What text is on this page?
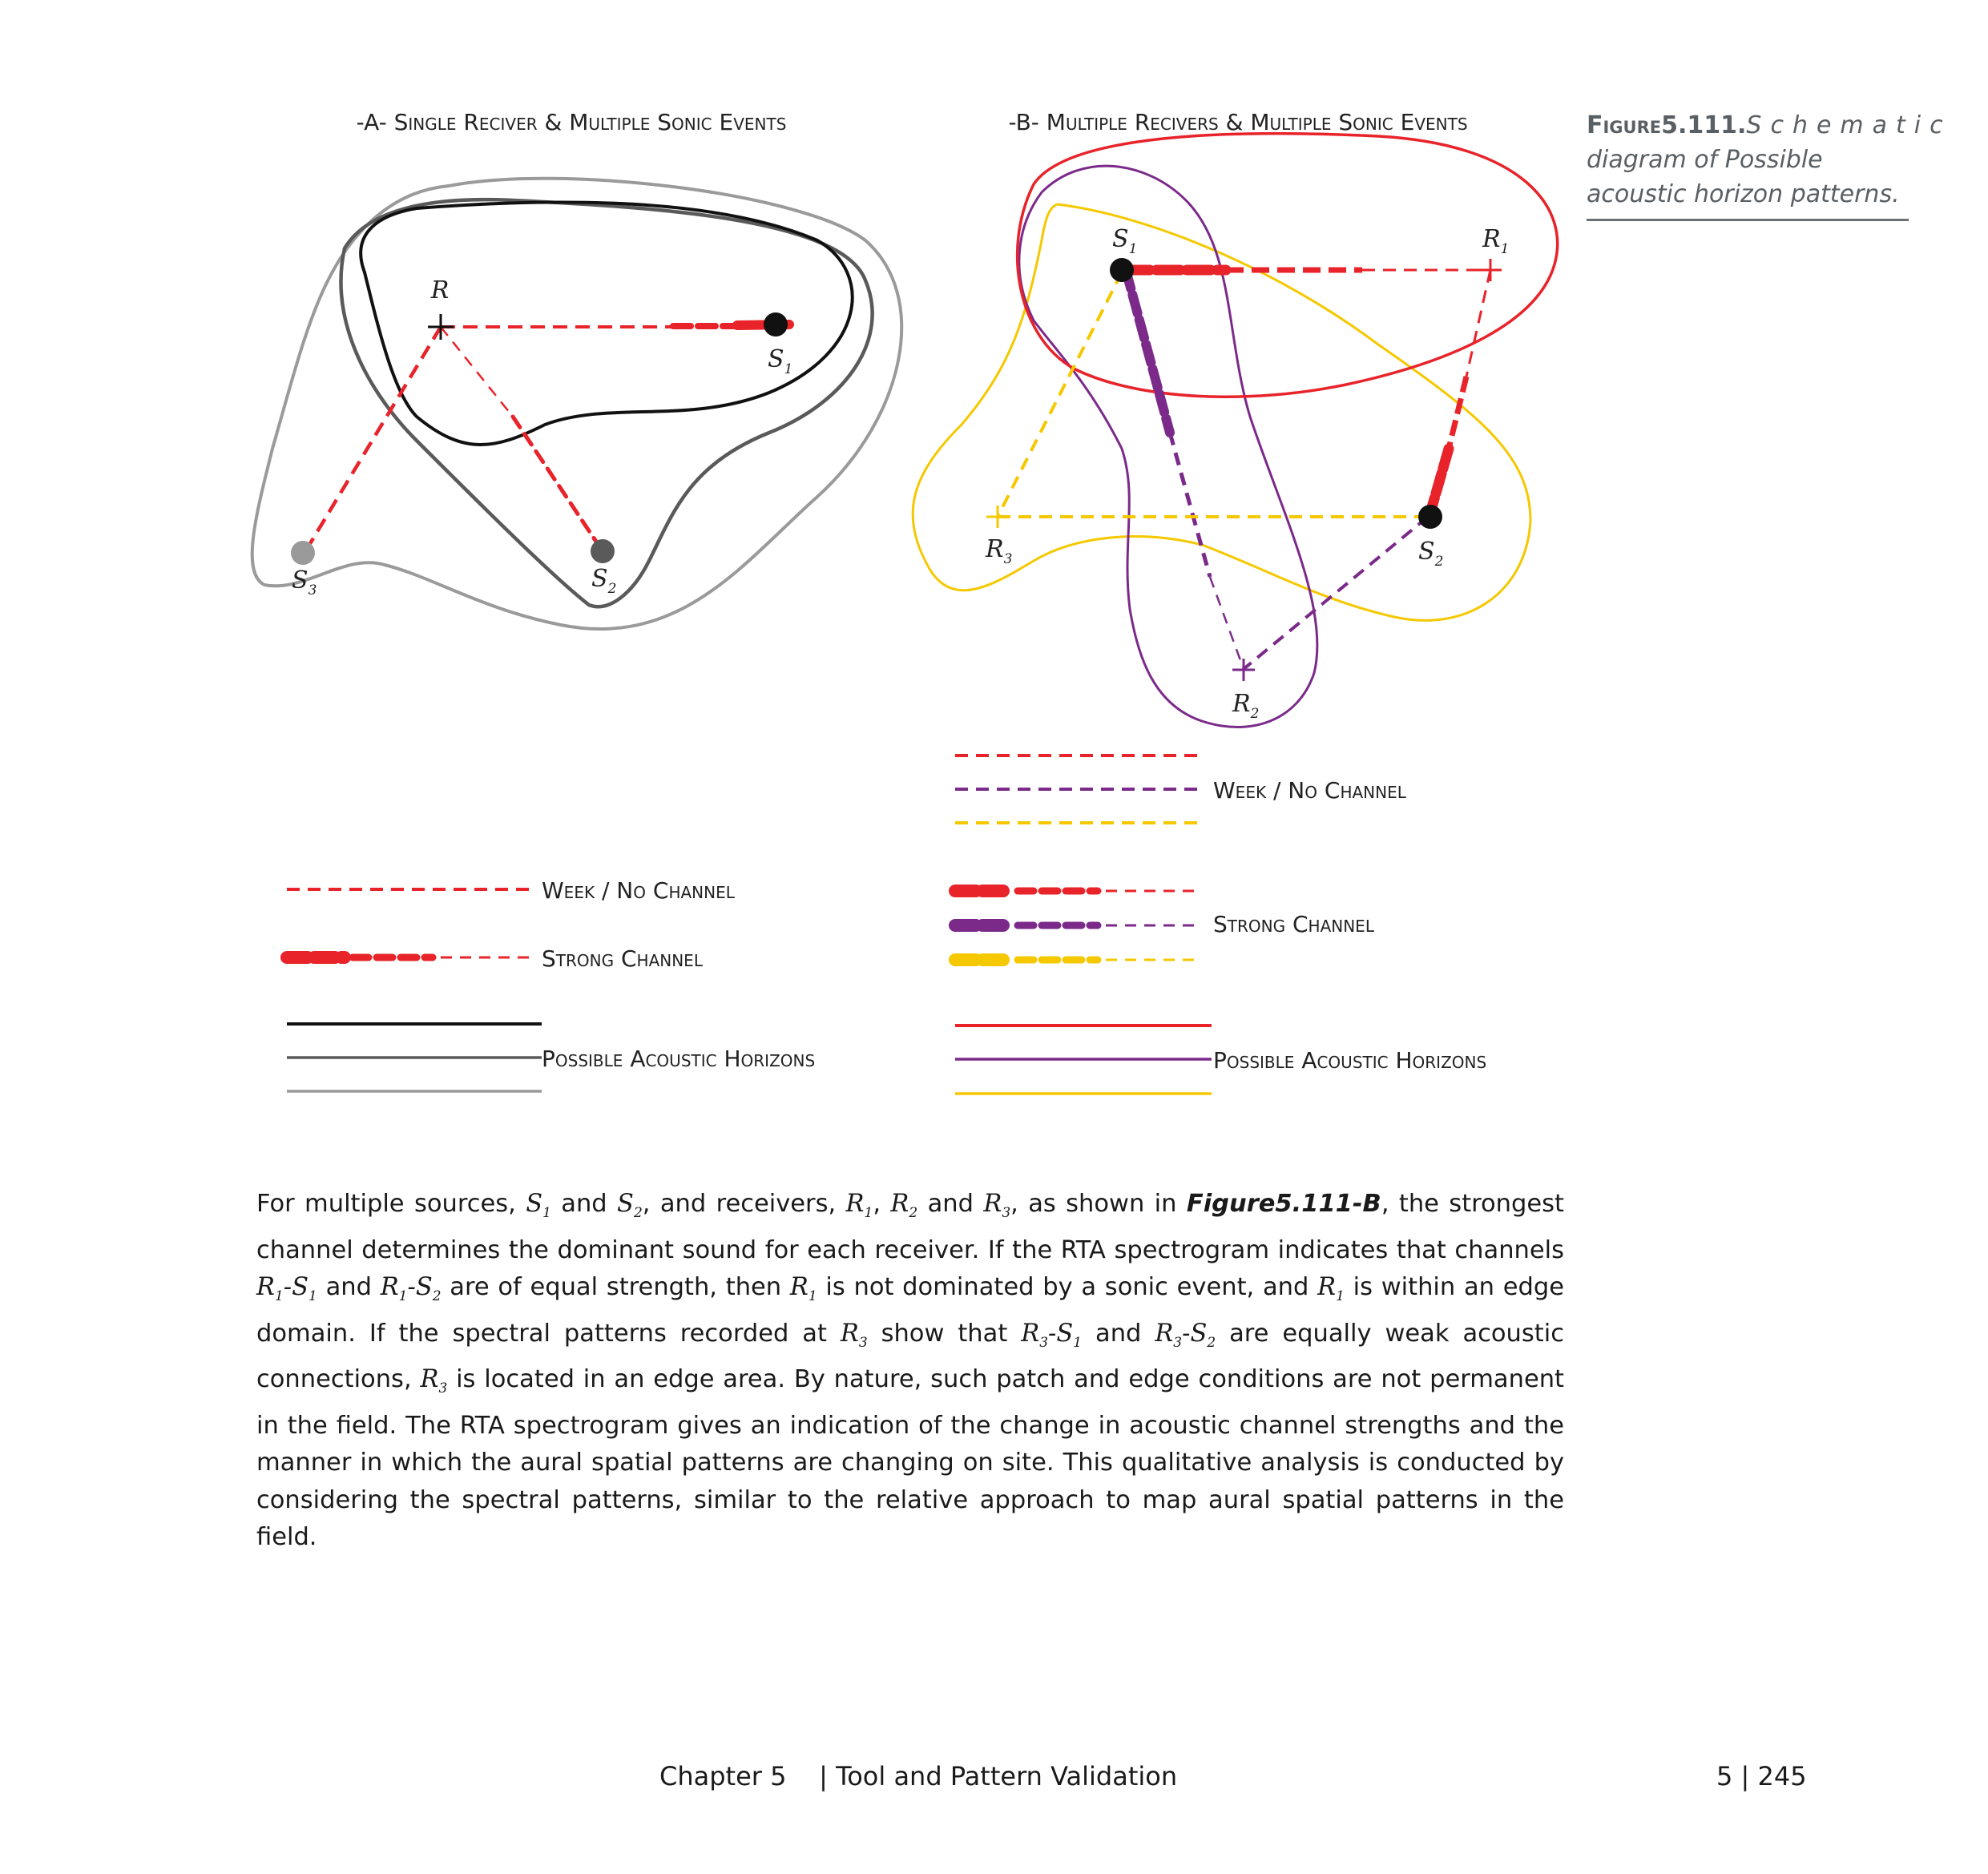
-A- Single Reciver & Multiple Sonic Events
R
$S_1$
$S_2$
$S_3$
Week / No Channel
Strong Channel
Possible Acoustic Horizons
-B- Multiple Recivers & Multiple Sonic Events
$S_1$
$S_2$
$R_1$
$R_2$
$R_3$
Week / No Channel
Strong Channel
Possible Acoustic Horizons
Figure5.111.Schematic diagram of Possible acoustic horizon patterns.
For multiple sources, $S_1$ and $S_2$, and receivers, $R_1$, $R_2$ and $R_3$, as shown in Figure5.111-B, the strongest channel determines the dominant sound for each receiver. If the RTA spectrogram indicates that channels $R_1-S_1$ and $R_1-S_2$ are of equal strength, then $R_1$ is not dominated by a sonic event, and $R_1$ is within an edge domain. If the spectral patterns recorded at $R_3$ show that $R_3-S_1$ and $R_3-S_2$ are equally weak acoustic connections, $R_3$ is located in an edge area. By nature, such patch and edge conditions are not permanent in the field. The RTA spectrogram gives an indication of the change in acoustic channel strengths and the manner in which the aural spatial patterns are changing on site. This qualitative analysis is conducted by considering the spectral patterns, similar to the relative approach to map aural spatial patterns in the field.
Chapter 5    | Tool and Pattern Validation	5 | 245
